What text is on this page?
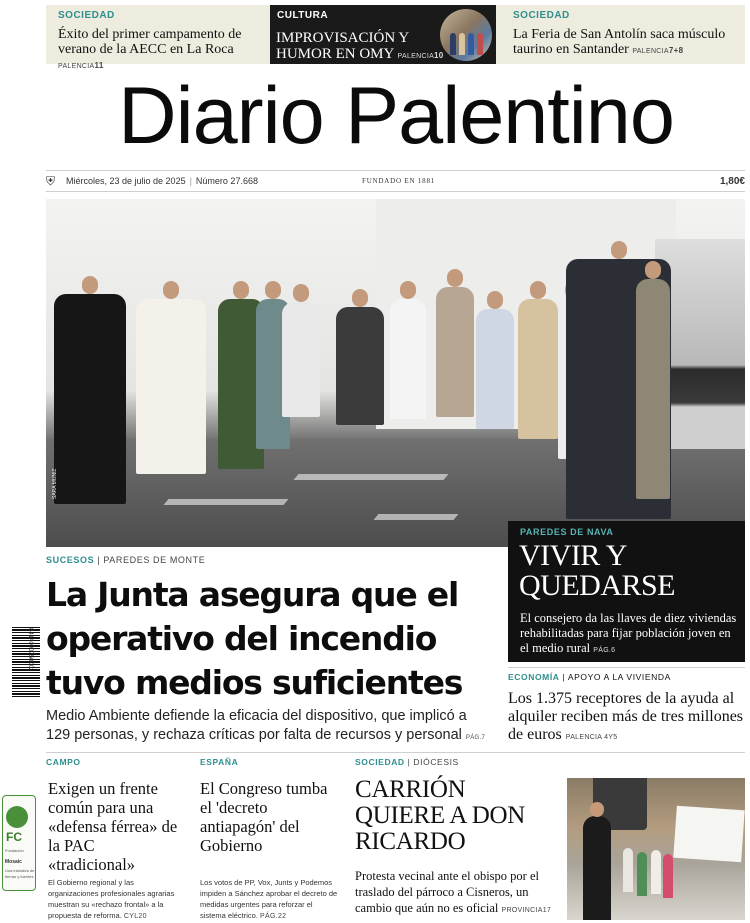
SOCIEDAD
Éxito del primer campamento de verano de la AECC en La Roca PALENCIA11
CULTURA
IMPROVISACIÓN Y HUMOR EN OMY PALENCIA10
SOCIEDAD
La Feria de San Antolín saca músculo taurino en Santander PALENCIA7+8
Diario Palentino
⛨ Miércoles, 23 de julio de 2025 | Número 27.668	FUNDADO EN 1881	1,80€
SARA MUNIZ
PAREDES DE NAVA
VIVIR Y QUEDARSE
El consejero da las llaves de diez viviendas rehabilitadas para fijar población joven en el medio rural PÁG.6
8414090750002
SUCESOS | PAREDES DE MONTE
La Junta asegura que el operativo del incendio tuvo medios suficientes
Medio Ambiente defiende la eficacia del dispositivo, que implicó a 129 personas, y rechaza críticas por falta de recursos y personal PÁG.7
ECONOMÍA | APOYO A LA VIVIENDA
Los 1.375 receptores de la ayuda al alquiler reciben más de tres millones de euros PALENCIA 4Y5
FC
Fundación
Mosaic
Una iniciativa de tierras y fuentes
CAMPO
Exigen un frente común para una «defensa férrea» de la PAC «tradicional»
El Gobierno regional y las organizaciones profesionales agrarias muestran su «rechazo frontal» a la propuesta de reforma. CYL20
ESPAÑA
El Congreso tumba el 'decreto antiapagón' del Gobierno
Los votos de PP, Vox, Junts y Podemos impiden a Sánchez aprobar el decreto de medidas urgentes para reforzar el sistema eléctrico. PÁG.22
SOCIEDAD | DIÓCESIS
CARRIÓN QUIERE A DON RICARDO
Protesta vecinal ante el obispo por el traslado del párroco a Cisneros, un cambio que aún no es oficial PROVINCIA17
